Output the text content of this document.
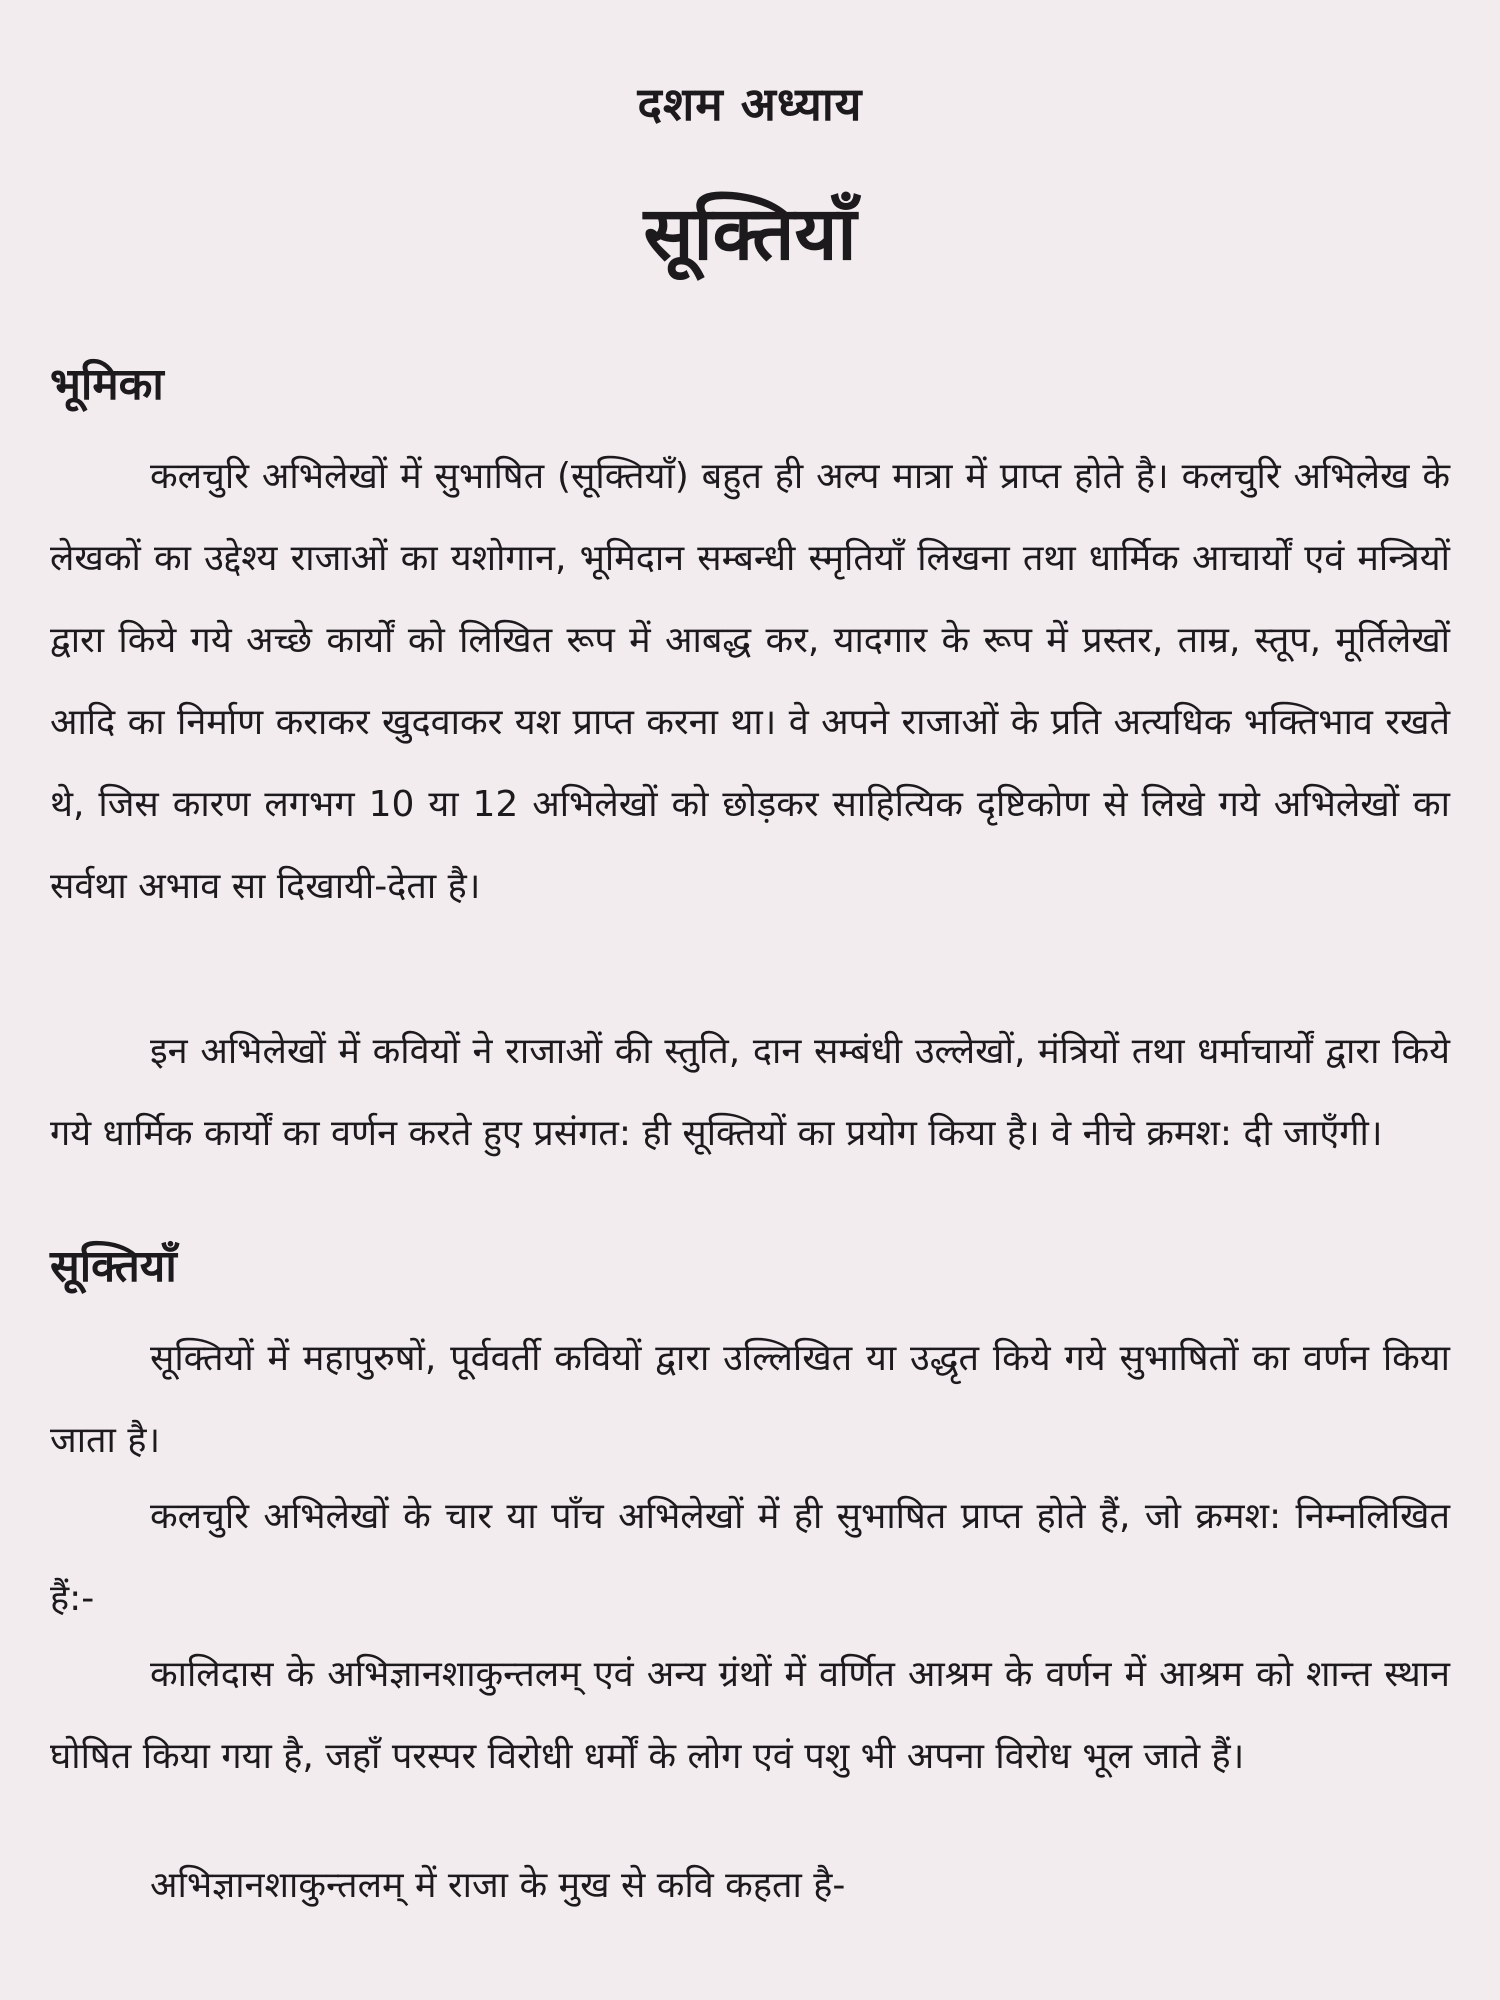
दशम अध्याय
सूक्तियाँ
भूमिका

कलचुरि अभिलेखों में सुभाषित (सूक्तियाँ) बहुत ही अल्प मात्रा में प्राप्त होते है। कलचुरि अभिलेख के लेखकों का उद्देश्य राजाओं का यशोगान, भूमिदान सम्बन्धी स्मृतियाँ लिखना तथा धार्मिक आचार्यों एवं मन्त्रियों द्वारा किये गये अच्छे कार्यों को लिखित रूप में आबद्ध कर, यादगार के रूप में प्रस्तर, ताम्र, स्तूप, मूर्तिलेखों आदि का निर्माण कराकर खुदवाकर यश प्राप्त करना था। वे अपने राजाओं के प्रति अत्यधिक भक्तिभाव रखते थे, जिस कारण लगभग 10 या 12 अभिलेखों को छोड़कर साहित्यिक दृष्टिकोण से लिखे गये अभिलेखों का सर्वथा अभाव सा दिखायी-देता है।

इन अभिलेखों में कवियों ने राजाओं की स्तुति, दान सम्बंधी उल्लेखों, मंत्रियों तथा धर्माचार्यों द्वारा किये गये धार्मिक कार्यों का वर्णन करते हुए प्रसंगत: ही सूक्तियों का प्रयोग किया है। वे नीचे क्रमश: दी जाएँगी।

सूक्तियाँ

सूक्तियों में महापुरुषों, पूर्ववर्ती कवियों द्वारा उल्लिखित या उद्धृत किये गये सुभाषितों का वर्णन किया जाता है।

कलचुरि अभिलेखों के चार या पाँच अभिलेखों में ही सुभाषित प्राप्त होते हैं, जो क्रमश: निम्नलिखित हैं:-

कालिदास के अभिज्ञानशाकुन्तलम् एवं अन्य ग्रंथों में वर्णित आश्रम के वर्णन में आश्रम को शान्त स्थान घोषित किया गया है, जहाँ परस्पर विरोधी धर्मों के लोग एवं पशु भी अपना विरोध भूल जाते हैं।

अभिज्ञानशाकुन्तलम् में राजा के मुख से कवि कहता है-
